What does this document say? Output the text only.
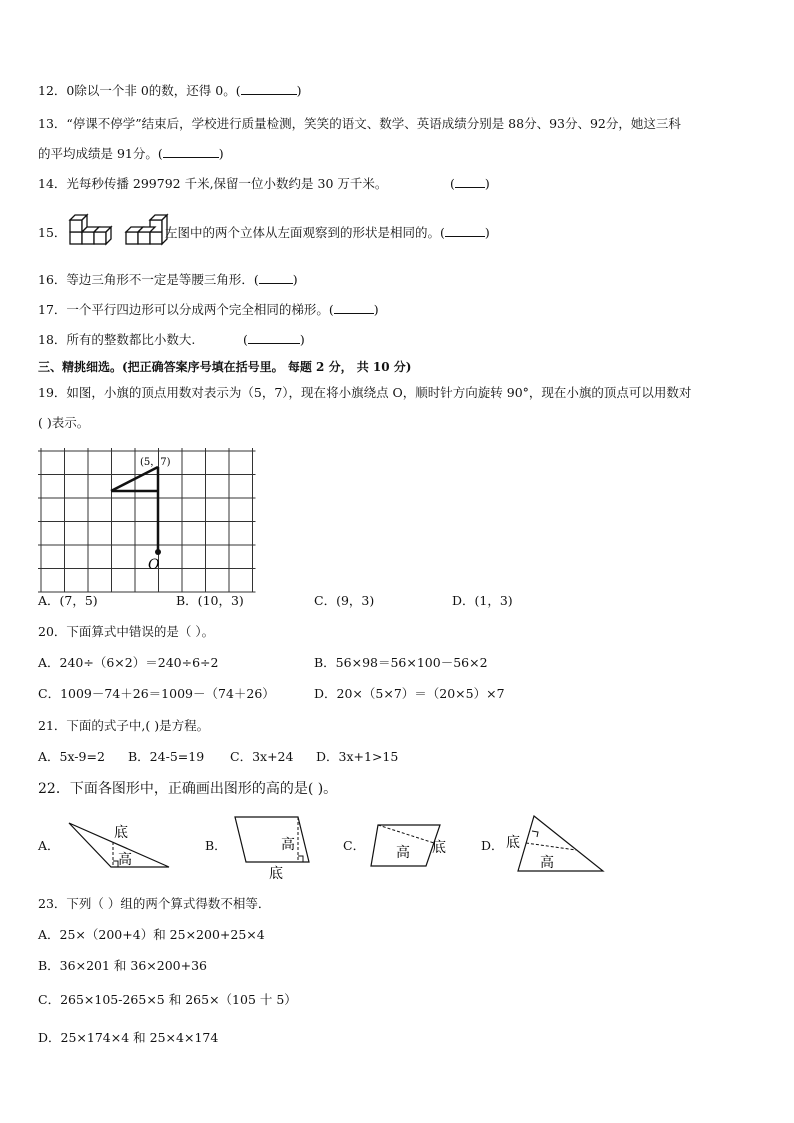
12．0除以一个非 0的数，还得 0。(	)
13．“停课不停学”结束后，学校进行质量检测，笑笑的语文、数学、英语成绩分别是 88分、93分、92分，她这三科
的平均成绩是 91分。(	)
14．光每秒传播 299792 千米,保留一位小数约是 30 万千米。	( )
15．	左图中的两个立体从左面观察到的形状是相同的。(	)
16．等边三角形不一定是等腰三角形．(	)
17．一个平行四边形可以分成两个完全相同的梯形。(	)
18．所有的整数都比小数大.	(	)
三、精挑细选。(把正确答案序号填在括号里。 每题 2 分， 共 10 分)
19．如图，小旗的顶点用数对表示为（5，7），现在将小旗绕点 O，顺时针方向旋转 90°，现在小旗的顶点可以用数对
( )表示。
(5，7)
O
A．(7，5)	B．(10，3)	C．(9，3)	D．(1，3)
20．下面算式中错误的是（ ）。
A．240÷（6×2）＝240÷6÷2	B．56×98＝56×100－56×2
C．1009－74＋26＝1009－（74＋26）	D．20×（5×7）＝（20×5）×7
21．下面的式子中,( )是方程。
A．5x-9=2 B．24-5=19 C．3x+24 D．3x+1>15
22．下面各图形中，正确画出图形的高的是( )。
A．
底
高
B．	高
底
C． 高 底	D． 底
高
23．下列（ ）组的两个算式得数不相等．
A．25×（200+4）和 25×200+25×4
B．36×201 和 36×200+36
C．265×105-265×5 和 265×（105 十 5）
D．25×174×4 和 25×4×174
